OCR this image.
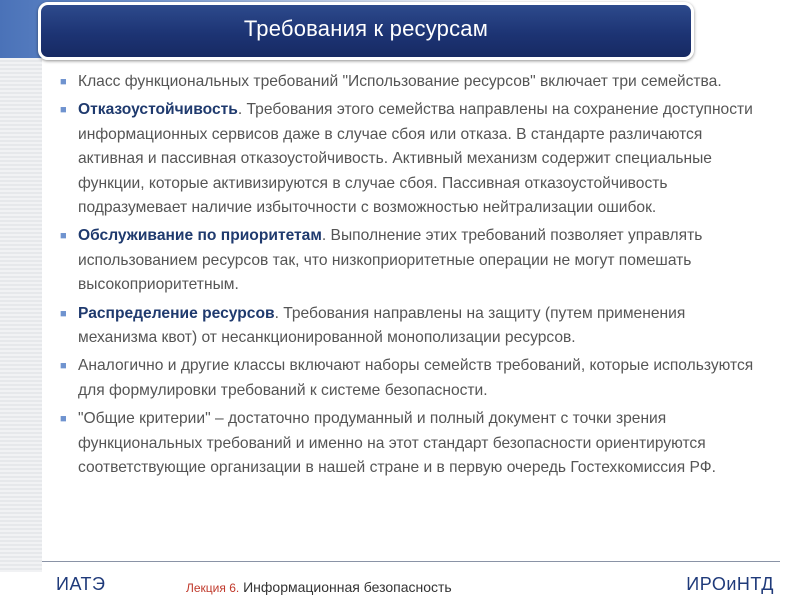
Требования к ресурсам
■ Класс функциональных требований "Использование ресурсов" включает три семейства.
■ Отказоустойчивость. Требования этого семейства направлены на сохранение доступности информационных сервисов даже в случае сбоя или отказа. В стандарте различаются активная и пассивная отказоустойчивость. Активный механизм содержит специальные функции, которые активизируются в случае сбоя. Пассивная отказоустойчивость подразумевает наличие избыточности с возможностью нейтрализации ошибок.
■ Обслуживание по приоритетам. Выполнение этих требований позволяет управлять использованием ресурсов так, что низкоприоритетные операции не могут помешать высокоприоритетным.
■ Распределение ресурсов. Требования направлены на защиту (путем применения механизма квот) от несанкционированной монополизации ресурсов.
■ Аналогично и другие классы включают наборы семейств требований, которые используются для формулировки требований к системе безопасности.
■ "Общие критерии" – достаточно продуманный и полный документ с точки зрения функциональных требований и именно на этот стандарт безопасности ориентируются соответствующие организации в нашей стране и в первую очередь Гостехкомиссия РФ.
ИАТЭ	Лекция 6. Информационная безопасность	ИРОиНТД
